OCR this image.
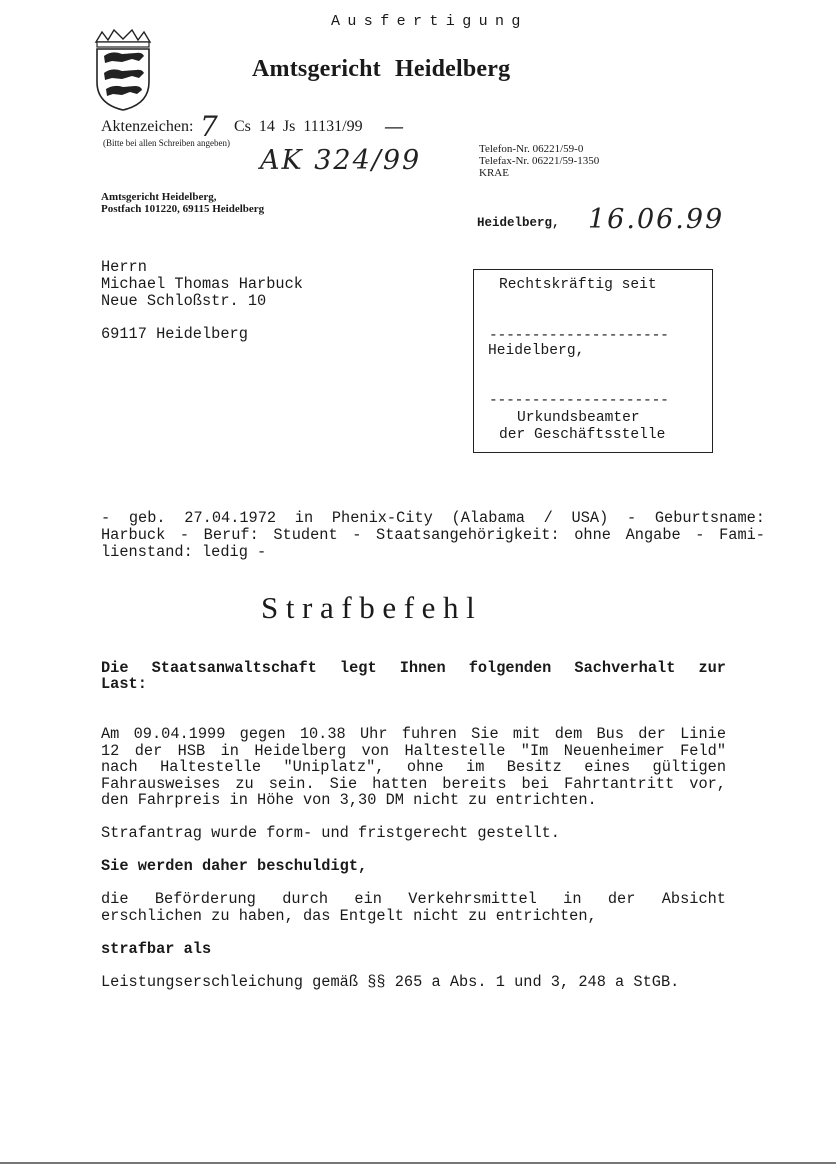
Ausfertigung
Amtsgericht Heidelberg
Aktenzeichen: 7 Cs 14 Js 11131/99 —
(Bitte bei allen Schreiben angeben)
AK 324/99	Telefon-Nr. 06221/59-0
Telefax-Nr. 06221/59-1350
KRAE
Amtsgericht Heidelberg,
Postfach 101220, 69115 Heidelberg
Heidelberg, 16.06.99
Herrn
Michael Thomas Harbuck
Neue Schloßstr. 10
69117 Heidelberg
Rechtskräftig seit
---------------------
Heidelberg,
---------------------
Urkundsbeamter
der Geschäftsstelle
- geb. 27.04.1972 in Phenix-City (Alabama / USA) - Geburtsname:
Harbuck - Beruf: Student - Staatsangehörigkeit: ohne Angabe - Fami-
lienstand: ledig -
Strafbefehl
Die Staatsanwaltschaft legt Ihnen folgenden Sachverhalt zur
Last:
Am 09.04.1999 gegen 10.38 Uhr fuhren Sie mit dem Bus der Linie
12 der HSB in Heidelberg von Haltestelle "Im Neuenheimer Feld"
nach Haltestelle "Uniplatz", ohne im Besitz eines gültigen
Fahrausweises zu sein. Sie hatten bereits bei Fahrtantritt vor,
den Fahrpreis in Höhe von 3,30 DM nicht zu entrichten.
Strafantrag wurde form- und fristgerecht gestellt.
Sie werden daher beschuldigt,
die Beförderung durch ein Verkehrsmittel in der Absicht
erschlichen zu haben, das Entgelt nicht zu entrichten,
strafbar als
Leistungserschleichung gemäß §§ 265 a Abs. 1 und 3, 248 a StGB.
